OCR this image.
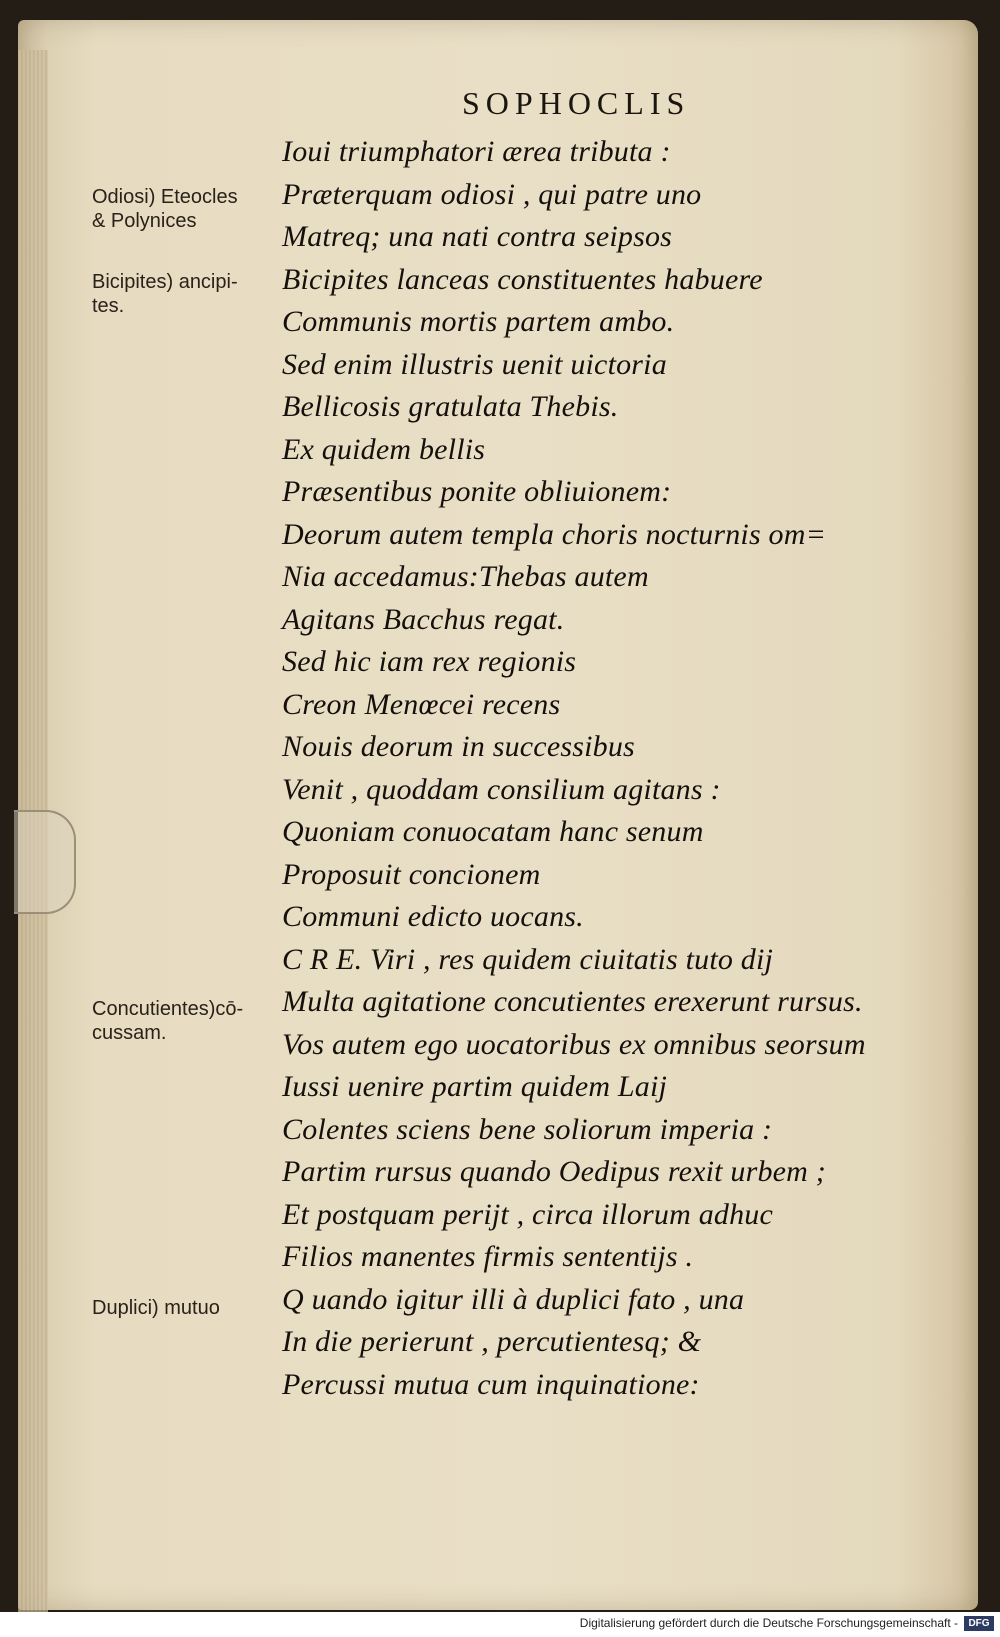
SOPHOCLIS
Ioui triumphatori ærea tributa :
Præterquam odiosi , qui patre uno
Matreq; una nati contra seipsos
Bicipites lanceas constituentes habuere
Communis mortis partem ambo.
Sed enim illustris uenit uictoria
Bellicosis gratulata Thebis.
Ex quidem bellis
Præsentibus ponite obliuionem:
Deorum autem templa choris nocturnis om=
Nia accedamus:Thebas autem
Agitans Bacchus regat.
Sed hic iam rex regionis
Creon Menœcei recens
Nouis deorum in successibus
Venit , quoddam consilium agitans :
Quoniam conuocatam hanc senum
Proposuit concionem
Communi edicto uocans.
C R E. Viri , res quidem ciuitatis tuto dij
Multa agitatione concutientes erexerunt rursus.
Vos autem ego uocatoribus ex omnibus seorsum
Iussi uenire partim quidem Laij
Colentes sciens bene soliorum imperia :
Partim rursus quando Oedipus rexit urbem ;
Et postquam perijt , circa illorum adhuc
Filios manentes firmis sententijs .
Q uando igitur illi à duplici fato , una
In die perierunt , percutientesq; &
Percussi mutua cum inquinatione:
Odiosi) Eteocles
& Polynices
Bicipites) ancipi-
tes.
Concutientes)cō-
cussam.
Duplici) mutuo
Digitalisierung gefördert durch die Deutsche Forschungsgemeinschaft -	DFG
